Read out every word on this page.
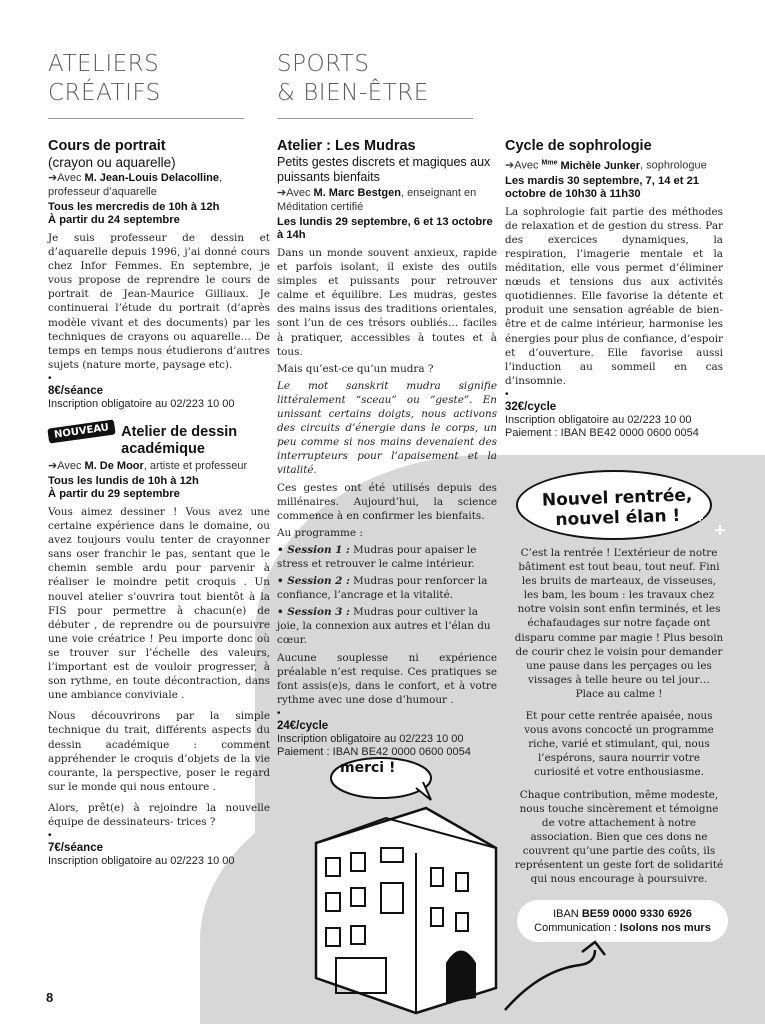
ATELIERS
CRÉATIFS
SPORTS
& BIEN-ÊTRE
Cours de portrait
(crayon ou aquarelle)
➔Avec M. Jean-Louis Delacolline, professeur d’aquarelle
Tous les mercredis de 10h à 12h
À partir du 24 septembre
Je suis professeur de dessin et d’aquarelle depuis 1996, j’ai donné cours chez Infor Femmes. En septembre, je vous propose de reprendre le cours de portrait de Jean-Maurice Gilliaux. Je continuerai l’étude du portrait (d’après modèle vivant et des documents) par les techniques de crayons ou aquarelle… De temps en temps nous étudierons d’autres sujets (nature morte, paysage etc).
•
8€/séance
Inscription obligatoire au 02/223 10 00
NOUVEAU Atelier de dessin académique
➔Avec M. De Moor, artiste et professeur
Tous les lundis de 10h à 12h
À partir du 29 septembre
Vous aimez dessiner ! Vous avez une certaine expérience dans le domaine, ou avez toujours voulu tenter de crayonner sans oser franchir le pas, sentant que le chemin semble ardu pour parvenir à réaliser le moindre petit croquis . Un nouvel atelier s’ouvrira tout bientôt à la FIS pour permettre à chacun(e) de débuter , de reprendre ou de poursuivre une voie créatrice ! Peu importe donc où se trouver sur l’échelle des valeurs, l’important est de vouloir progresser, à son rythme, en toute décontraction, dans une ambiance conviviale .
Nous découvrirons par la simple technique du trait, différents aspects du dessin académique : comment appréhender le croquis d’objets de la vie courante, la perspective, poser le regard sur le monde qui nous entoure .
Alors, prêt(e) à rejoindre la nouvelle équipe de dessinateurs- trices ?
•
7€/séance
Inscription obligatoire au 02/223 10 00
Atelier : Les Mudras
Petits gestes discrets et magiques aux puissants bienfaits
➔Avec M. Marc Bestgen, enseignant en Méditation certifié
Les lundis 29 septembre, 6 et 13 octobre à 14h
Dans un monde souvent anxieux, rapide et parfois isolant, il existe des outils simples et puissants pour retrouver calme et équilibre. Les mudras, gestes des mains issus des traditions orientales, sont l’un de ces trésors oubliés… faciles à pratiquer, accessibles à toutes et à tous.
Mais qu’est-ce qu’un mudra ?
Le mot sanskrit mudra signifie littéralement “sceau” ou “geste”. En unissant certains doigts, nous activons des circuits d’énergie dans le corps, un peu comme si nos mains devenaient des interrupteurs pour l’apaisement et la vitalité.
Ces gestes ont été utilisés depuis des millénaires. Aujourd’hui, la science commence à en confirmer les bienfaits.
Au programme :
• Session 1 : Mudras pour apaiser le stress et retrouver le calme intérieur.
• Session 2 : Mudras pour renforcer la confiance, l’ancrage et la vitalité.
• Session 3 : Mudras pour cultiver la joie, la connexion aux autres et l’élan du cœur.
Aucune souplesse ni expérience préalable n’est requise. Ces pratiques se font assis(e)s, dans le confort, et à votre rythme avec une dose d’humour .
•
24€/cycle
Inscription obligatoire au 02/223 10 00
Paiement : IBAN BE42 0000 0600 0054
Cycle de sophrologie
➔Avec $^{Mme}$ Michèle Junker, sophrologue
Les mardis 30 septembre, 7, 14 et 21 octobre de 10h30 à 11h30
La sophrologie fait partie des méthodes de relaxation et de gestion du stress. Par des exercices dynamiques, la respiration, l’imagerie mentale et la méditation, elle vous permet d’éliminer nœuds et tensions dus aux activités quotidiennes. Elle favorise la détente et produit une sensation agréable de bien-être et de calme intérieur, harmonise les énergies pour plus de confiance, d’espoir et d’ouverture. Elle favorise aussi l’induction au sommeil en cas d’insomnie.
•
32€/cycle
Inscription obligatoire au 02/223 10 00
Paiement : IBAN BE42 0000 0600 0054
Nouvel rentrée, nouvel élan !
C’est la rentrée ! L’extérieur de notre bâtiment est tout beau, tout neuf. Fini les bruits de marteaux, de visseuses, les bam, les boum : les travaux chez notre voisin sont enfin terminés, et les échafaudages sur notre façade ont disparu comme par magie ! Plus besoin de courir chez le voisin pour demander une pause dans les perçages ou les vissages à telle heure ou tel jour… Place au calme !
Et pour cette rentrée apaisée, nous vous avons concocté un programme riche, varié et stimulant, qui, nous l’espérons, saura nourrir votre curiosité et votre enthousiasme.
Chaque contribution, même modeste, nous touche sincèrement et témoigne de votre attachement à notre association. Bien que ces dons ne couvrent qu’une partie des coûts, ils représentent un geste fort de solidarité qui nous encourage à poursuivre.
IBAN BE59 0000 9330 6926
Communication : Isolons nos murs
merci !
8
